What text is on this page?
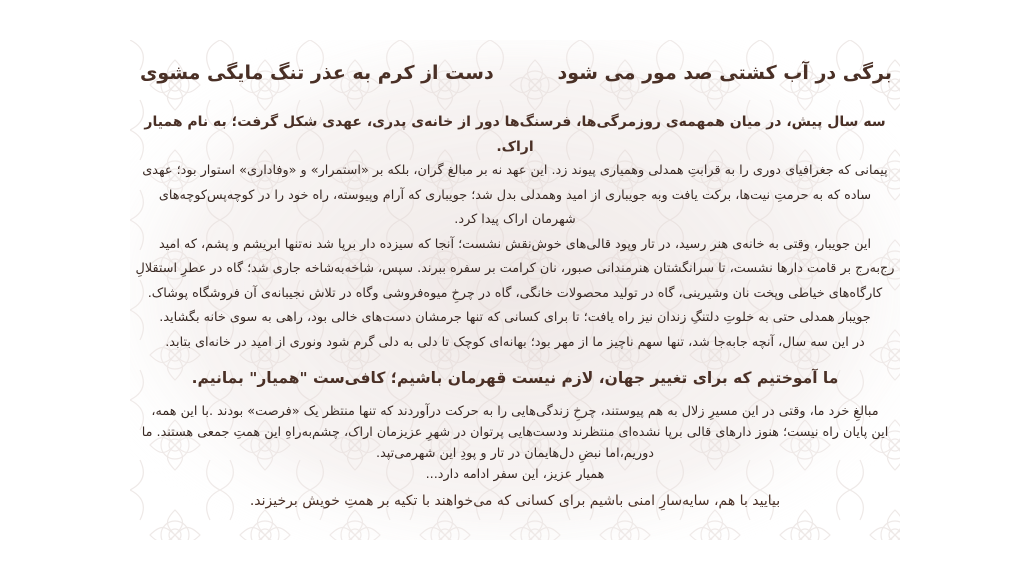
برگی در آب کشتی صد مور می شود
دست از کرم به عذر تنگ مایگی مشوی
سه سال پیش، در میان همهمه‌ی روزمرگی‌ها، فرسنگ‌ها دور از خانه‌ی پدری، عهدی شکل گرفت؛ به نام همیار اراک.
پیمانی که جغرافیای دوری را به قرابتِ همدلی وهمیاری پیوند زد. این عهد نه بر مبالغ گران، بلکه بر «استمرار» و «وفاداری» استوار بود؛ عهدی
ساده که به حرمتِ نیت‌ها، برکت یافت وبه جویباری از امید وهمدلی بدل شد؛ جویباری که آرام وپیوسته، راه خود را در کوچه‌پس‌کوچه‌های
شهرمان اراک پیدا کرد.
این جویبار، وقتی به خانه‌ی هنر رسید، در تار وپود قالی‌های خوش‌نقش نشست؛ آنجا که سیزده دار برپا شد نه‌تنها ابریشم و پشم، که امید
رج‌به‌رج بر قامت دارها نشست، تا سرانگشتان هنرمندانی صبور، نان کرامت بر سفره ببرند. سپس، شاخه‌به‌شاخه جاری شد؛ گاه در عطرِ استقلالِ
کارگاه‌های خیاطی وپخت نان وشیرینی، گاه در تولید محصولات خانگی، گاه در چرخِ میوه‌فروشی وگاه در تلاش نجیبانه‌ی آن فروشگاه پوشاک.
جویبار همدلی حتی به خلوتِ دلتنگِ زندان نیز راه یافت؛ تا برای کسانی که تنها جرمشان دست‌های خالی بود، راهی به سوی خانه بگشاید.
در این سه سال، آنچه جابه‌جا شد، تنها سهم ناچیز ما از مهر بود؛ بهانه‌ای کوچک تا دلی به دلی گرم شود ونوری از امید در خانه‌ای بتابد.
ما آموختیم که برای تغییر جهان، لازم نیست قهرمان باشیم؛ کافی‌ست "همیار" بمانیم.
مبالغِ خرد ما، وقتی در این مسیرِ زلال به هم پیوستند، چرخِ زندگی‌هایی را به حرکت درآوردند که تنها منتظر یک «فرصت» بودند .با این همه،
این پایان راه نیست؛ هنوز دارهای قالی برپا نشده‌ای منتظرند ودست‌هایی پرتوان در شهرِ عزیزمان اراک، چشم‌به‌راهِ این همتِ جمعی هستند. ما
دوریم،اما نبضِ دل‌هایمان در تار و پودِ این شهرمی‌تپد.
همیار عزیز، این سفر ادامه دارد...
بیایید با هم، سایه‌سارِ امنی باشیم برای کسانی که می‌خواهند با تکیه بر همتِ خویش برخیزند.
